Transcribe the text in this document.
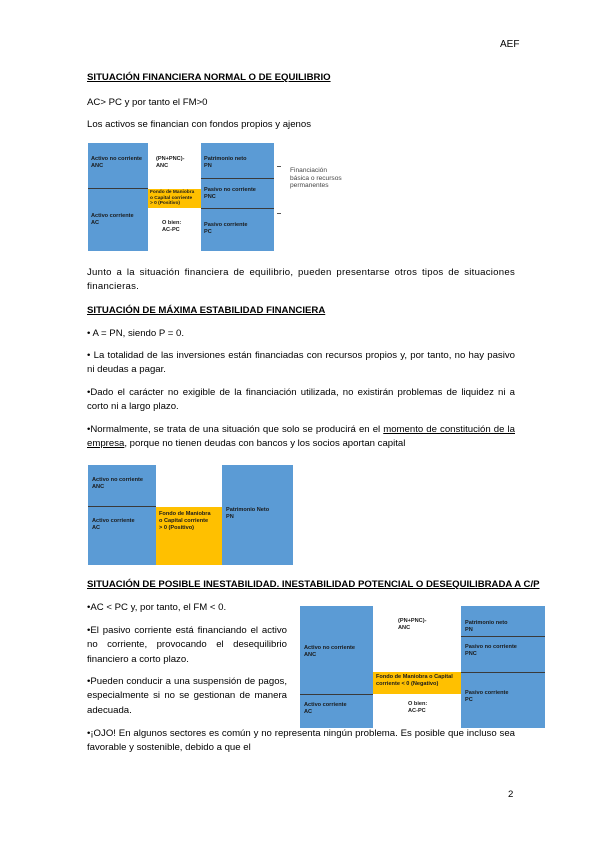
AEF
SITUACIÓN FINANCIERA NORMAL O DE EQUILIBRIO
AC> PC y por tanto el FM>0
Los activos se financian con fondos propios y ajenos
Activo no corriente
ANC
Activo corriente
AC
(PN+PNC)-
ANC
Fondo de Maniobra
o Capital corriente
> 0 (Positivo)
O bien:
AC-PC
Patrimonio neto
PN
Pasivo no corriente
PNC
Pasivo corriente
PC
Financiación
básica o recursos
permanentes
Junto a la situación financiera de equilibrio, pueden presentarse otros tipos de situaciones financieras.
SITUACIÓN DE MÁXIMA ESTABILIDAD FINANCIERA
• A = PN, siendo P = 0.
• La totalidad de las inversiones están financiadas con recursos propios y, por tanto, no hay pasivo ni deudas a pagar.
•Dado el carácter no exigible de la financiación utilizada, no existirán problemas de liquidez ni a corto ni a largo plazo.
•Normalmente, se trata de una situación que solo se producirá en el momento de constitución de la empresa, porque no tienen deudas con bancos y los socios aportan capital
Activo no corriente
ANC
Activo corriente
AC
Fondo de Maniobra
o Capital corriente
> 0 (Positivo)
Patrimonio Neto
PN
SITUACIÓN DE POSIBLE INESTABILIDAD. INESTABILIDAD POTENCIAL O DESEQUILIBRADA A C/P
•AC < PC y, por tanto, el FM < 0.
•El pasivo corriente está financiando el activo no corriente, provocando el desequilibrio financiero a corto plazo.
•Pueden conducir a una suspensión de pagos, especialmente si no se gestionan de manera adecuada.
•¡OJO! En algunos sectores es común y no representa ningún problema. Es posible que incluso sea favorable y sostenible, debido a que el
Activo no corriente
ANC
Activo corriente
AC
(PN+PNC)-
ANC
Fondo de Maniobra o Capital
corriente < 0 (Negativo)
O bien:
AC-PC
Patrimonio neto
PN
Pasivo no corriente
PNC
Pasivo corriente
PC
2
